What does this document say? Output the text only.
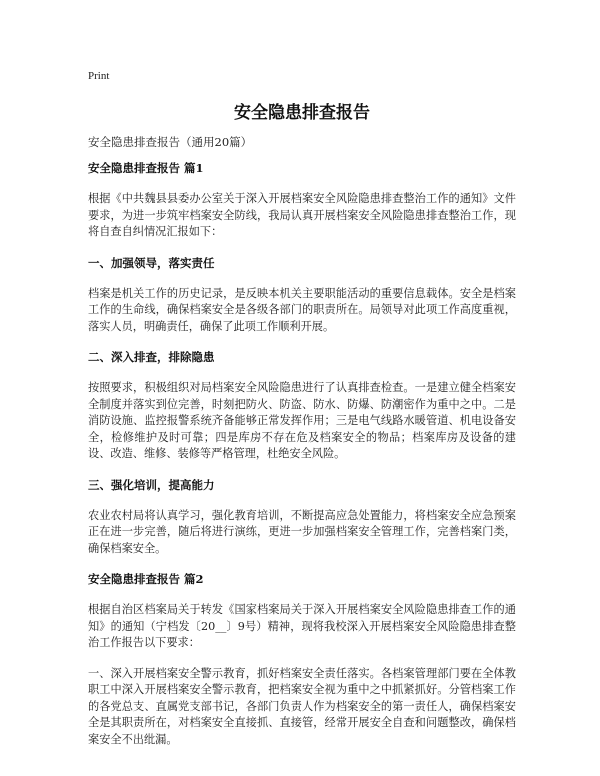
Print
安全隐患排查报告
安全隐患排查报告（通用20篇）
安全隐患排查报告 篇1
根据《中共魏县县委办公室关于深入开展档案安全风险隐患排查整治工作的通知》文件要求，为进一步筑牢档案安全防线，我局认真开展档案安全风险隐患排查整治工作，现将自查自纠情况汇报如下：
一、加强领导，落实责任
档案是机关工作的历史记录，是反映本机关主要职能活动的重要信息载体。安全是档案工作的生命线，确保档案安全是各级各部门的职责所在。局领导对此项工作高度重视，落实人员，明确责任，确保了此项工作顺利开展。
二、深入排查，排除隐患
按照要求，积极组织对局档案安全风险隐患进行了认真排查检查。一是建立健全档案安全制度并落实到位完善，时刻把防火、防盗、防水、防爆、防潮密作为重中之中。二是消防设施、监控报警系统齐备能够正常发挥作用；三是电气线路水暖管道、机电设备安全，检修维护及时可靠；四是库房不存在危及档案安全的物品；档案库房及设备的建设、改造、维修、装修等严格管理，杜绝安全风险。
三、强化培训，提高能力
农业农村局将认真学习，强化教育培训，不断提高应急处置能力，将档案安全应急预案正在进一步完善，随后将进行演练，更进一步加强档案安全管理工作，完善档案门类，确保档案安全。
安全隐患排查报告 篇2
根据自治区档案局关于转发《国家档案局关于深入开展档案安全风险隐患排查工作的通知》的通知（宁档发〔20__〕9号）精神，现将我校深入开展档案安全风险隐患排查整治工作报告以下要求：
一、深入开展档案安全警示教育，抓好档案安全责任落实。各档案管理部门要在全体教职工中深入开展档案安全警示教育，把档案安全视为重中之中抓紧抓好。分管档案工作的各党总支、直属党支部书记，各部门负责人作为档案安全的第一责任人，确保档案安全是其职责所在，对档案安全直接抓、直接管，经常开展安全自查和问题整改，确保档案安全不出纰漏。
